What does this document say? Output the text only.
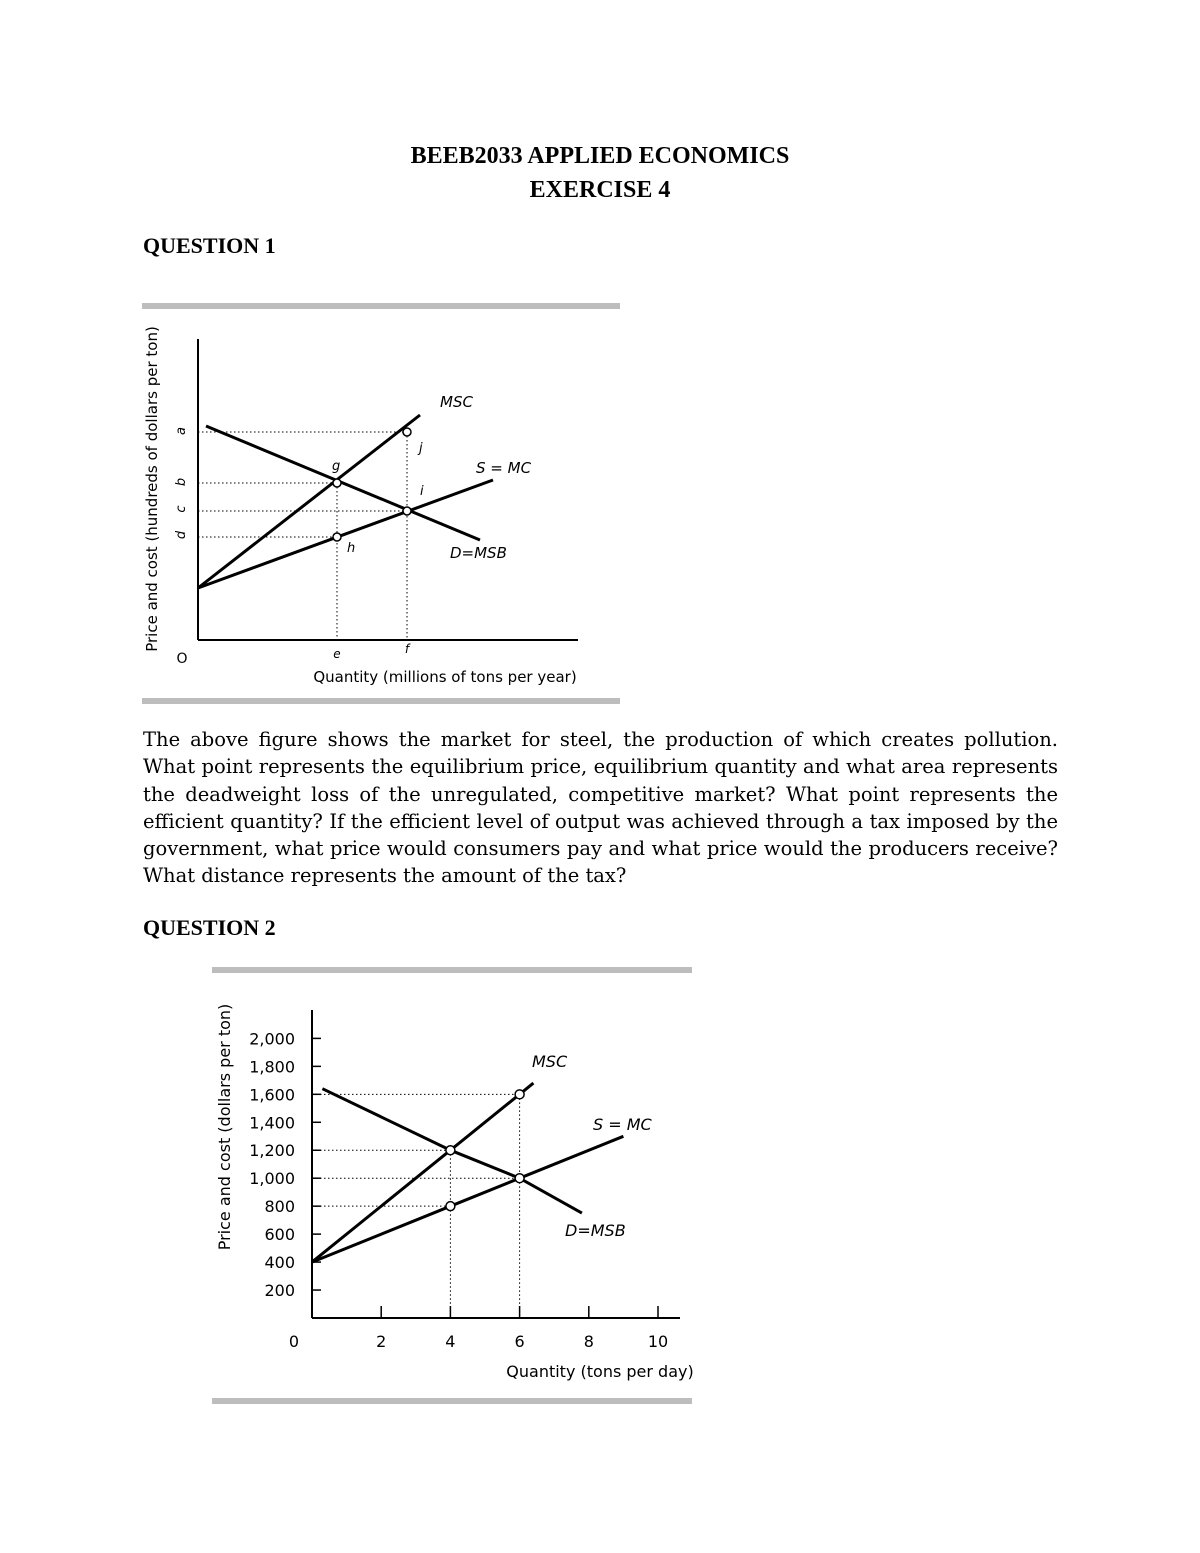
BEEB2033 APPLIED ECONOMICS
EXERCISE 4
QUESTION 1
Price and cost (hundreds of dollars per ton) a
b
c
d
O	e	f
Quantity (millions of tons per year)
MSC
S = MC
D=MSB
g
h
i
j

The above figure shows the market for steel, the production of which creates pollution. What point represents the equilibrium price, equilibrium quantity and what area represents the deadweight loss of the unregulated, competitive market? What point represents the efficient quantity? If the efficient level of output was achieved through a tax imposed by the government, what price would consumers pay and what price would the producers receive? What distance represents the amount of the tax?

QUESTION 2
200
400
600
800
1,000
1,200
1,400
1,600
1,800
2,000
2	4	6	8	10
Price and cost (dollars per ton)
0
Quantity (tons per day)
MSC
S = MC
D=MSB
